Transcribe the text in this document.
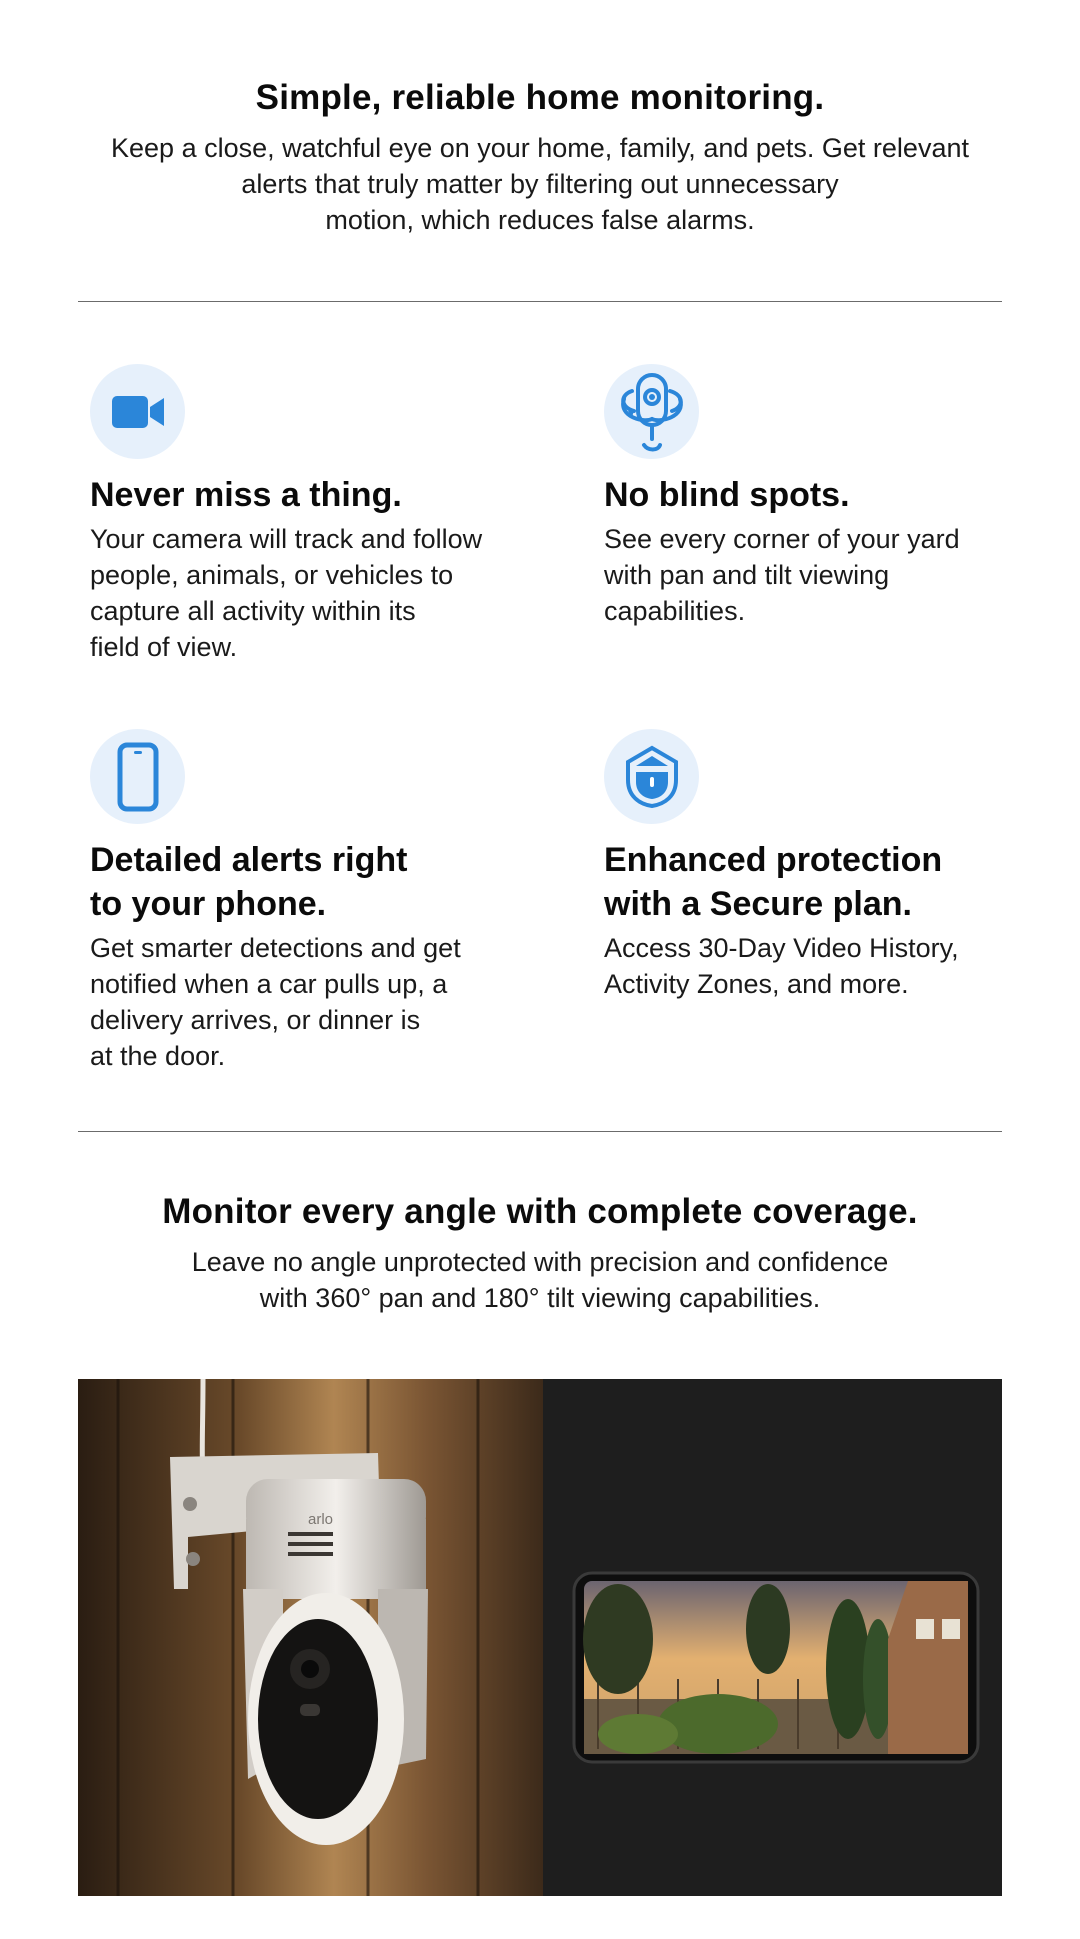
Simple, reliable home monitoring.

Keep a close, watchful eye on your home, family, and pets. Get relevant
alerts that truly matter by filtering out unnecessary
motion, which reduces false alarms.

Never miss a thing.

Your camera will track and follow
people, animals, or vehicles to
capture all activity within its
field of view.

No blind spots.

See every corner of your yard
with pan and tilt viewing
capabilities.

Detailed alerts right
to your phone.

Get smarter detections and get
notified when a car pulls up, a
delivery arrives, or dinner is
at the door.

Enhanced protection
with a Secure plan.

Access 30-Day Video History,
Activity Zones, and more.

Monitor every angle with complete coverage.

Leave no angle unprotected with precision and confidence
with 360° pan and 180° tilt viewing capabilities.

arlo
